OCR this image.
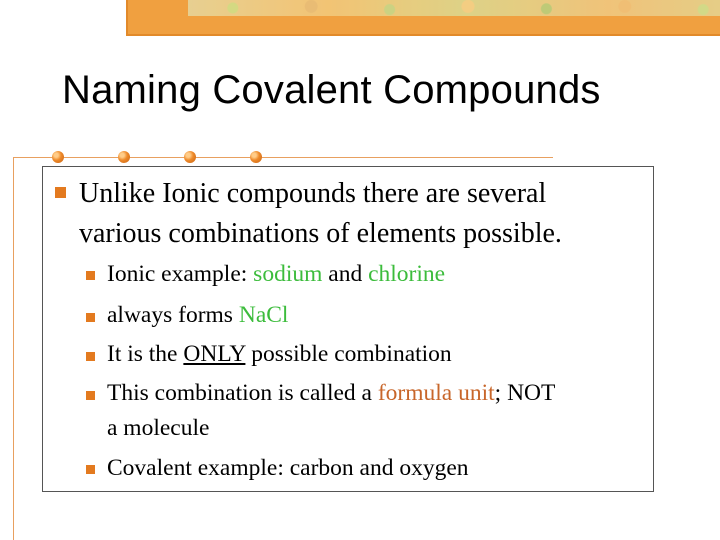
Naming Covalent Compounds

Unlike Ionic compounds there are several

various combinations of elements possible.

Ionic example: sodium and chlorine

always forms NaCl

It is the ONLY possible combination

This combination is called a formula unit; NOT

a molecule

Covalent example: carbon and oxygen
